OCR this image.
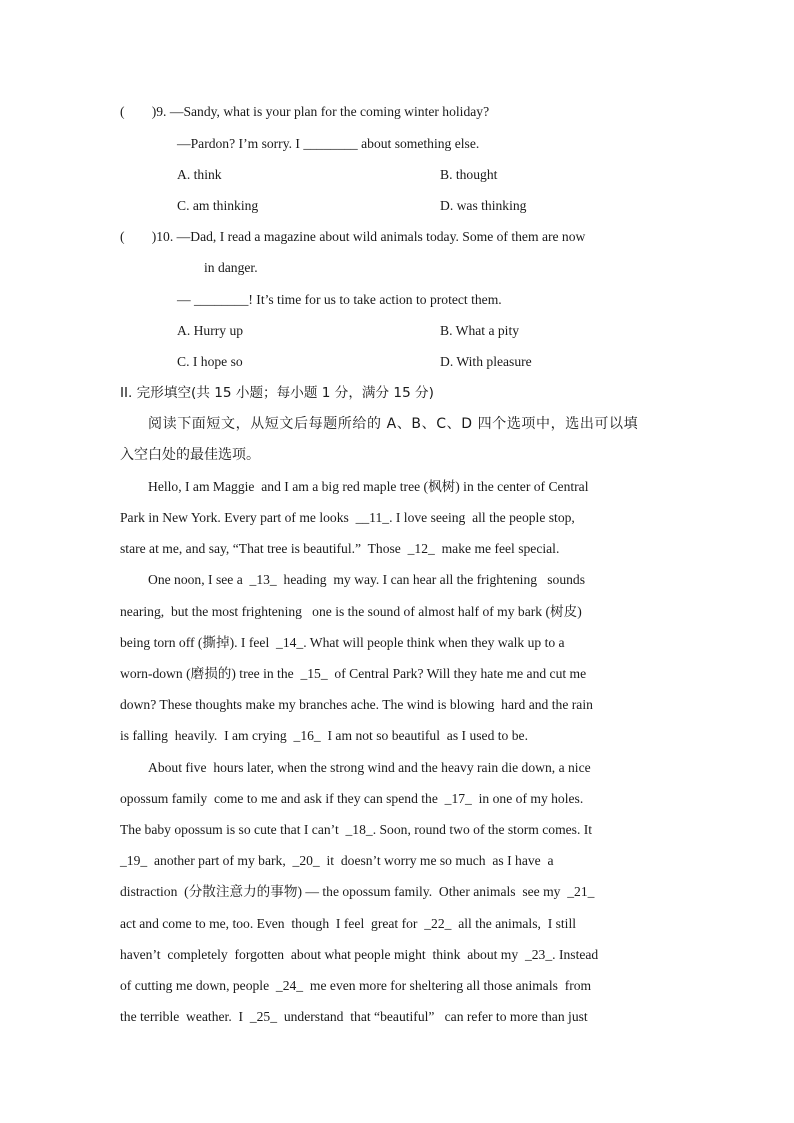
(        )9. —Sandy, what is your plan for the coming winter holiday?
—Pardon? I’m sorry. I ________ about something else.
A. think	B. thought
C. am thinking	D. was thinking
(        )10. —Dad, I read a magazine about wild animals today. Some of them are now
in danger.
— ________! It’s time for us to take action to protect them.
A. Hurry up	B. What a pity
C. I hope so	D. With pleasure
II. 完形填空(共 15 小题；每小题 1 分，满分 15 分)
阅读下面短文，从短文后每题所给的 A、B、C、D 四个选项中，选出可以填
入空白处的最佳选项。
Hello, I am Maggie  and I am a big red maple tree (枫树) in the center of Central
Park in New York. Every part of me looks  __11_. I love seeing  all the people stop,
stare at me, and say, “That tree is beautiful.”  Those  _12_  make me feel special.
One noon, I see a  _13_  heading  my way. I can hear all the frightening   sounds
nearing,  but the most frightening   one is the sound of almost half of my bark (树皮)
being torn off (撕掉). I feel  _14_. What will people think when they walk up to a
worn-down (磨损的) tree in the  _15_  of Central Park? Will they hate me and cut me
down? These thoughts make my branches ache. The wind is blowing  hard and the rain
is falling  heavily.  I am crying  _16_  I am not so beautiful  as I used to be.
About five  hours later, when the strong wind and the heavy rain die down, a nice
opossum family  come to me and ask if they can spend the  _17_  in one of my holes.
The baby opossum is so cute that I can’t  _18_. Soon, round two of the storm comes. It
_19_  another part of my bark,  _20_  it  doesn’t worry me so much  as I have  a
distraction  (分散注意力的事物) — the opossum family.  Other animals  see my  _21_
act and come to me, too. Even  though  I feel  great for  _22_  all the animals,  I still
haven’t  completely  forgotten  about what people might  think  about my  _23_. Instead
of cutting me down, people  _24_  me even more for sheltering all those animals  from
the terrible  weather.  I  _25_  understand  that “beautiful”   can refer to more than just
